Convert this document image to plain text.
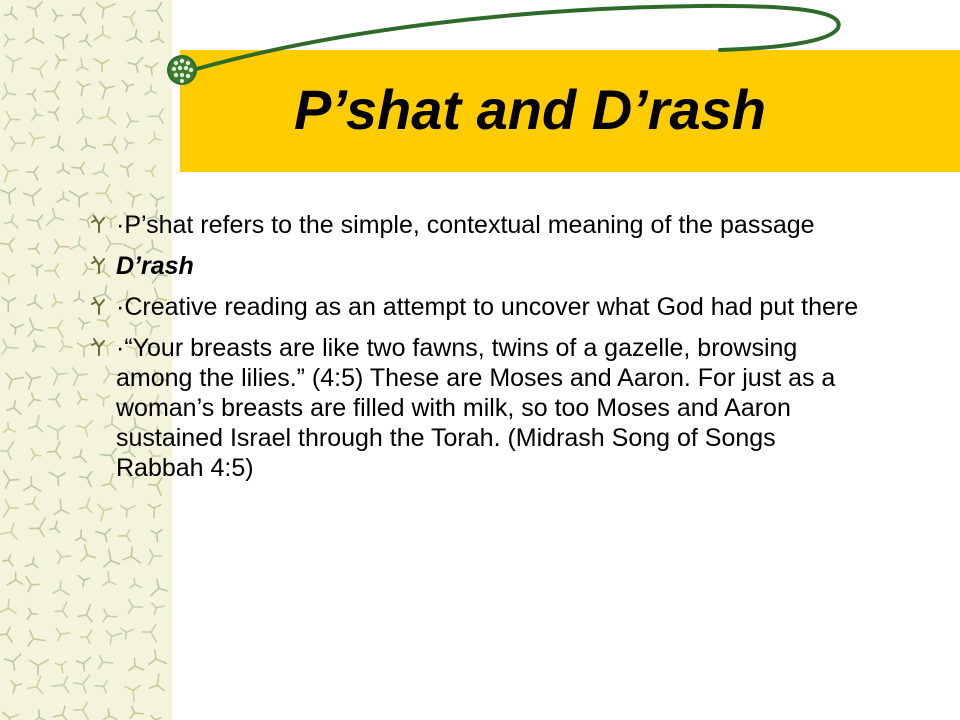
P’shat and D’rash
·P’shat refers to the simple, contextual meaning of the passage
D’rash
·Creative reading as an attempt to uncover what God had put there
·“Your breasts are like two fawns, twins of a gazelle, browsing among the lilies.” (4:5) These are Moses and Aaron. For just as a woman’s breasts are filled with milk, so too Moses and Aaron sustained Israel through the Torah. (Midrash Song of Songs Rabbah 4:5)
